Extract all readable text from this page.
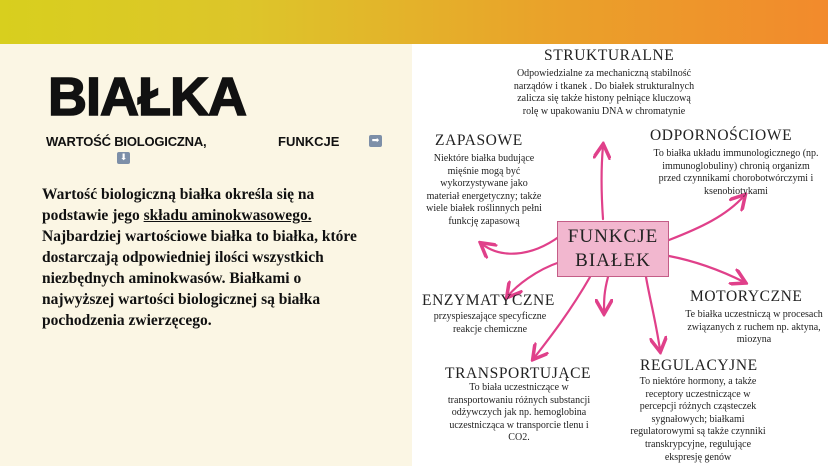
BIAŁKA
WARTOŚĆ BIOLOGICZNA,	FUNKCJE	➡
⬇
Wartość biologiczną białka określa się na podstawie jego składu aminokwasowego. Najbardziej wartościowe białka to białka, które dostarczają odpowiedniej ilości wszystkich niezbędnych aminokwasów. Białkami o najwyższej wartości biologicznej są białka pochodzenia zwierzęcego.
FUNKCJE BIAŁEK
STRUKTURALNE
Odpowiedzialne za mechaniczną stabilność narządów i tkanek . Do białek strukturalnych zalicza się także histony pełniące kluczową rolę w upakowaniu DNA w chromatynie
ZAPASOWE
Niektóre białka budujące mięśnie mogą być wykorzystywane jako materiał energetyczny; także wiele białek roślinnych pełni funkcję zapasową
ODPORNOŚCIOWE
To białka układu immunologicznego (np. immunoglobuliny) chronią organizm przed czynnikami chorobotwórczymi i ksenobiotykami
ENZYMATYCZNE
przyspieszające specyficzne reakcje chemiczne
MOTORYCZNE
Te białka uczestniczą w procesach związanych z ruchem np. aktyna, miozyna
TRANSPORTUJĄCE
To biała uczestniczące w transportowaniu różnych substancji odżywczych jak np. hemoglobina uczestnicząca w transporcie tlenu i CO2.
REGULACYJNE
To niektóre hormony, a także receptory uczestniczące w percepcji różnych cząsteczek sygnałowych; białkami regulatorowymi są także czynniki transkrypcyjne, regulujące ekspresję genów
